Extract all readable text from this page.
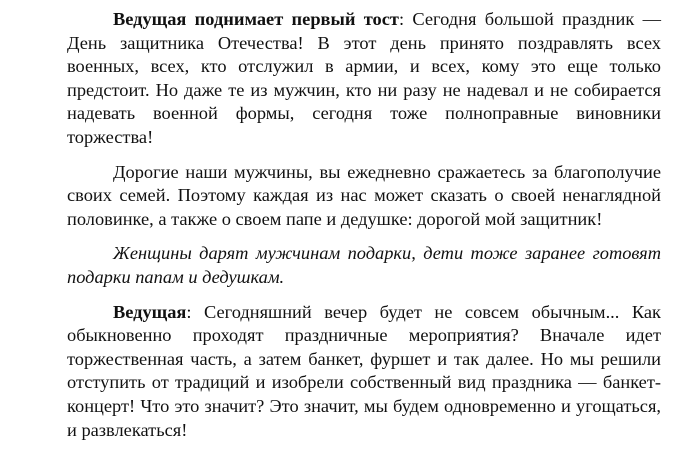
Ведущая поднимает первый тост: Сегодня большой праздник — День защитника Отечества! В этот день принято поздравлять всех военных, всех, кто отслужил в армии, и всех, кому это еще только предстоит. Но даже те из мужчин, кто ни разу не надевал и не собирается надевать военной формы, сегодня тоже полноправные виновники торжества!

Дорогие наши мужчины, вы ежедневно сражаетесь за благополучие своих семей. Поэтому каждая из нас может сказать о своей ненаглядной половинке, а также о своем папе и дедушке: дорогой мой защитник!

Женщины дарят мужчинам подарки, дети тоже заранее готовят подарки папам и дедушкам.

Ведущая: Сегодняшний вечер будет не совсем обычным... Как обыкновенно проходят праздничные мероприятия? Вначале идет торжественная часть, а затем банкет, фуршет и так далее. Но мы решили отступить от традиций и изобрели собственный вид праздника — банкет-концерт! Что это значит? Это значит, мы будем одновременно и угощаться, и развлекаться!
